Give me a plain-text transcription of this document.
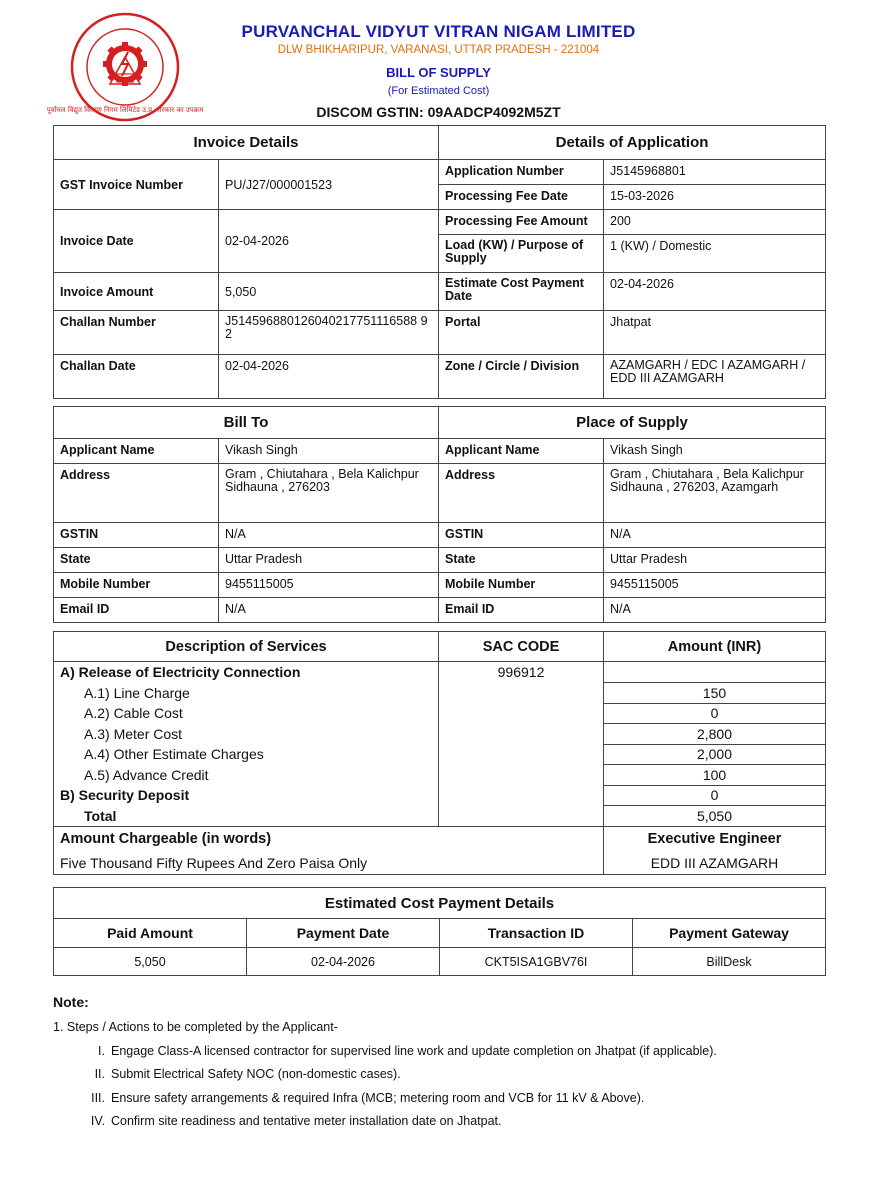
पूर्वांचल विद्युत वितरण निगम लिमिटेड उ.प्र. सरकार का उपक्रम
PURVANCHAL VIDYUT VITRAN NIGAM LIMITED
DLW BHIKHARIPUR, VARANASI, UTTAR PRADESH - 221004
BILL OF SUPPLY
(For Estimated Cost)
DISCOM GSTIN: 09AADCP4092M5ZT
Invoice Details		Details of Application	
GST Invoice Number	PU/J27/000001523	Application Number	J5145968801
		Processing Fee Date	15-03-2026
Invoice Date	02-04-2026	Processing Fee Amount	200
		Load (KW) / Purpose of Supply	1 (KW) / Domestic
Invoice Amount	5,050	Estimate Cost Payment Date	02-04-2026
Challan Number	J514596880126040217751116588 92	Portal	Jhatpat
Challan Date	02-04-2026	Zone / Circle / Division	AZAMGARH / EDC I AZAMGARH / EDD III AZAMGARH
Bill To		Place of Supply	
Applicant Name	Vikash Singh	Applicant Name	Vikash Singh
Address	Gram , Chiutahara , Bela Kalichpur Sidhauna , 276203	Address	Gram , Chiutahara , Bela Kalichpur Sidhauna , 276203, Azamgarh
GSTIN	N/A	GSTIN	N/A
State	Uttar Pradesh	State	Uttar Pradesh
Mobile Number	9455115005	Mobile Number	9455115005
Email ID	N/A	Email ID	N/A
Description of Services	SAC CODE	Amount (INR)
A) Release of Electricity Connection	996912	
A.1) Line Charge		150
A.2) Cable Cost		0
A.3) Meter Cost		2,800
A.4) Other Estimate Charges		2,000
A.5) Advance Credit		100
B) Security Deposit		0
Total		5,050
Amount Chargeable (in words)		Executive Engineer
Five Thousand Fifty Rupees And Zero Paisa Only		EDD III AZAMGARH
Estimated Cost Payment Details			
Paid Amount	Payment Date	Transaction ID	Payment Gateway
5,050	02-04-2026	CKT5ISA1GBV76I	BillDesk
Note:
1. Steps / Actions to be completed by the Applicant-
I. Engage Class-A licensed contractor for supervised line work and update completion on Jhatpat (if applicable).
II. Submit Electrical Safety NOC (non-domestic cases).
III. Ensure safety arrangements & required Infra (MCB; metering room and VCB for 11 kV & Above).
IV. Confirm site readiness and tentative meter installation date on Jhatpat.
